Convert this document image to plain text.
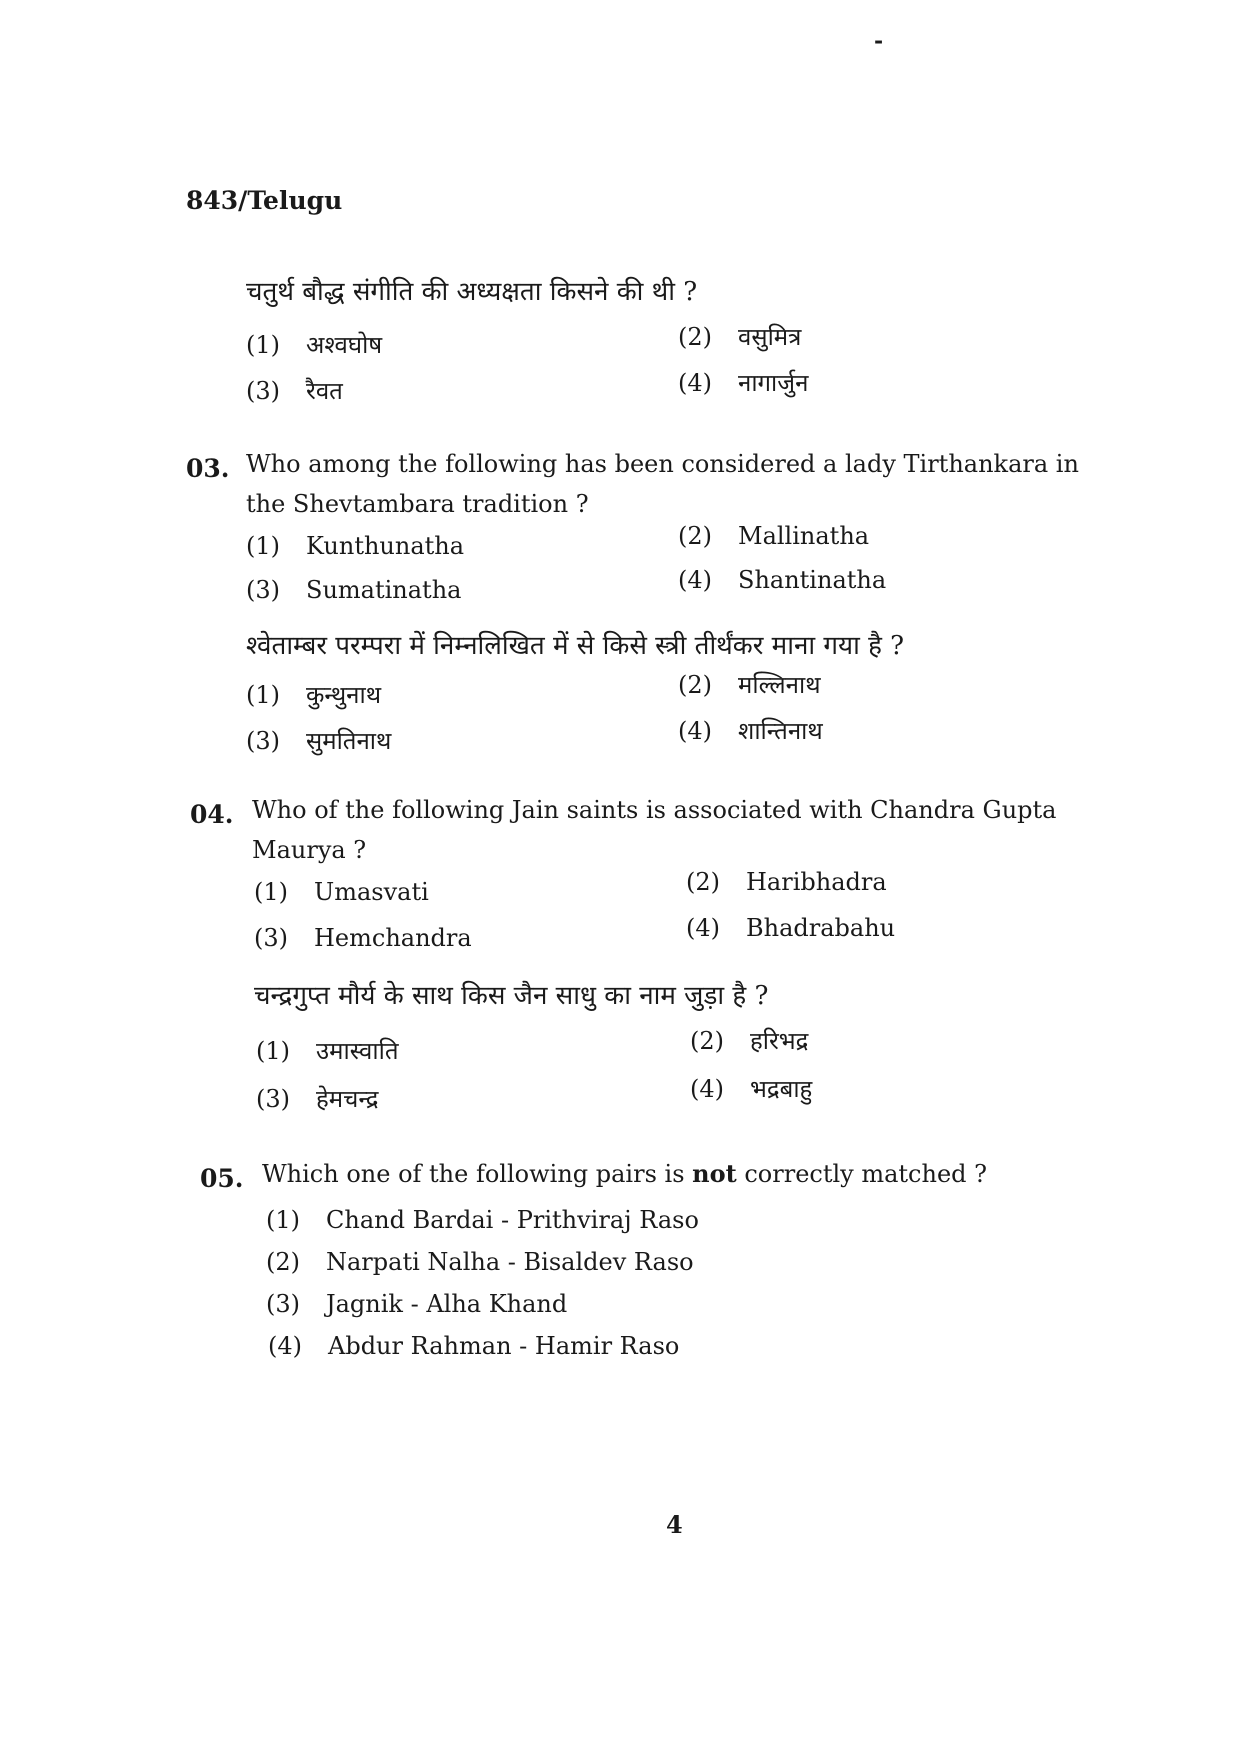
-
843/Telugu
चतुर्थ बौद्ध संगीति की अध्यक्षता किसने की थी ?
(1) अश्वघोष	(2) वसुमित्र
(3) रैवत	(4) नागार्जुन
03. Who among the following has been considered a lady Tirthankara in
the Shevtambara tradition ?
(1) Kunthunatha	(2) Mallinatha
(3) Sumatinatha	(4) Shantinatha
श्वेताम्बर परम्परा में निम्नलिखित में से किसे स्त्री तीर्थंकर माना गया है ?
(1) कुन्थुनाथ	(2) मल्लिनाथ
(3) सुमतिनाथ	(4) शान्तिनाथ
04. Who of the following Jain saints is associated with Chandra Gupta
Maurya ?
(1) Umasvati	(2) Haribhadra
(3) Hemchandra	(4) Bhadrabahu
चन्द्रगुप्त मौर्य के साथ किस जैन साधु का नाम जुड़ा है ?
(1) उमास्वाति	(2) हरिभद्र
(3) हेमचन्द्र	(4) भद्रबाहु
05. Which one of the following pairs is not correctly matched ?
(1) Chand Bardai - Prithviraj Raso
(2) Narpati Nalha - Bisaldev Raso
(3) Jagnik - Alha Khand
(4) Abdur Rahman - Hamir Raso
4
